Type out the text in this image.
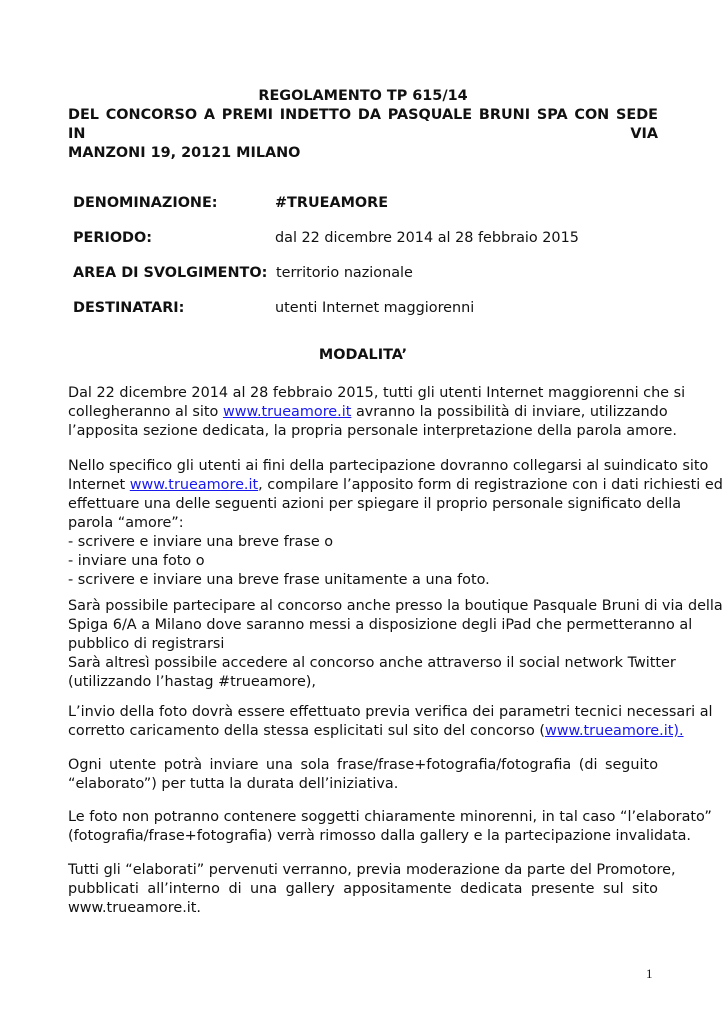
REGOLAMENTO TP 615/14
DEL CONCORSO A PREMI INDETTO DA PASQUALE BRUNI SPA CON SEDE IN VIA
MANZONI 19, 20121 MILANO
DENOMINAZIONE:	#TRUEAMORE
PERIODO:	dal 22 dicembre 2014 al 28 febbraio 2015
AREA DI SVOLGIMENTO: territorio nazionale
DESTINATARI:	utenti Internet maggiorenni
MODALITA’
Dal 22 dicembre 2014 al 28 febbraio 2015, tutti gli utenti Internet maggiorenni che si
collegheranno al sito www.trueamore.it avranno la possibilità di inviare, utilizzando
l’apposita sezione dedicata, la propria personale interpretazione della parola amore.
Nello specifico gli utenti ai fini della partecipazione dovranno collegarsi al suindicato sito
Internet www.trueamore.it, compilare l’apposito form di registrazione con i dati richiesti ed
effettuare una delle seguenti azioni per spiegare il proprio personale significato della
parola “amore”:
- scrivere e inviare una breve frase o
- inviare una foto o
- scrivere e inviare una breve frase unitamente a una foto.
Sarà possibile partecipare al concorso anche presso la boutique Pasquale Bruni di via della
Spiga 6/A a Milano dove saranno messi a disposizione degli iPad che permetteranno al
pubblico di registrarsi
Sarà altresì possibile accedere al concorso anche attraverso il social network Twitter
(utilizzando l’hastag #trueamore),
L’invio della foto dovrà essere effettuato previa verifica dei parametri tecnici necessari al
corretto caricamento della stessa esplicitati sul sito del concorso (www.trueamore.it).
Ogni utente potrà inviare una sola frase/frase+fotografia/fotografia (di seguito
“elaborato”) per tutta la durata dell’iniziativa.
Le foto non potranno contenere soggetti chiaramente minorenni, in tal caso “l’elaborato”
(fotografia/frase+fotografia) verrà rimosso dalla gallery e la partecipazione invalidata.
Tutti gli “elaborati” pervenuti verranno, previa moderazione da parte del Promotore,
pubblicati all’interno di una gallery appositamente dedicata presente sul sito
www.trueamore.it.
1
